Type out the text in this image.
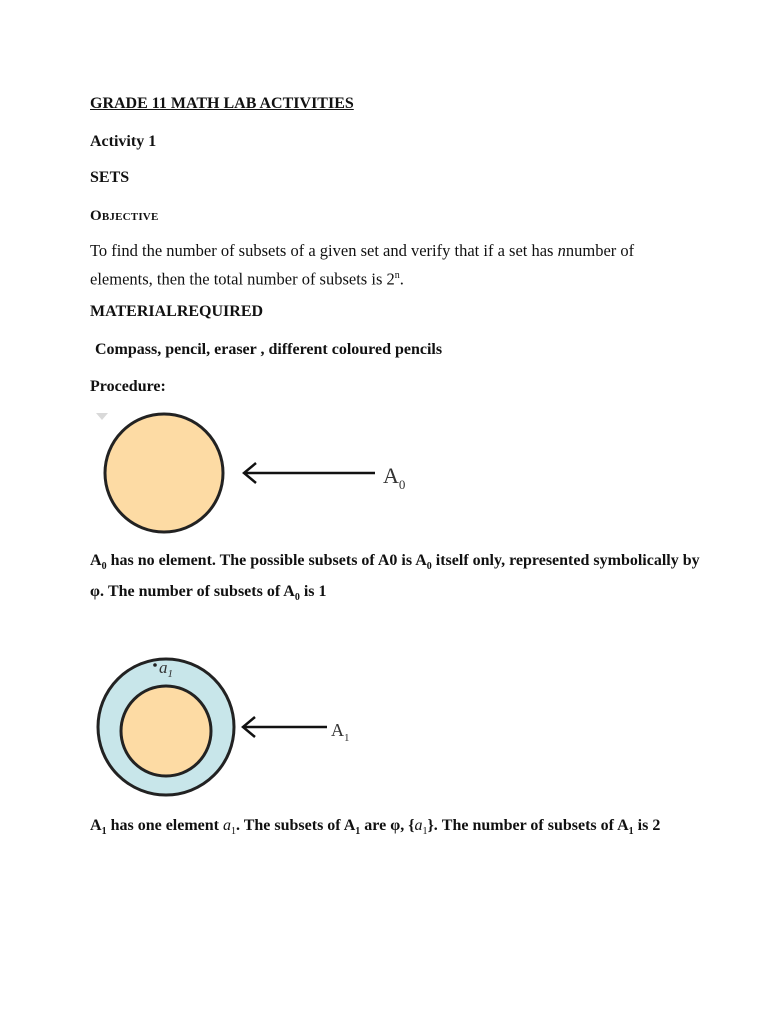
GRADE 11 MATH LAB ACTIVITIES

Activity 1

SETS

Objective

To find the number of subsets of a given set and verify that if a set has nnumber of elements, then the total number of subsets is 2$^n$.

MATERIALREQUIRED

Compass, pencil, eraser , different coloured pencils

Procedure:

$A_0$

$A_0$ has no element. The possible subsets of A0 is $A_0$ itself only, represented symbolically by φ. The number of subsets of $A_0$ is 1

$a_1$
$A_1$

$A_1$ has one element $a_1$. The subsets of $A_1$ are φ, $\{a_1\}$. The number of subsets of $A_1$ is 2
